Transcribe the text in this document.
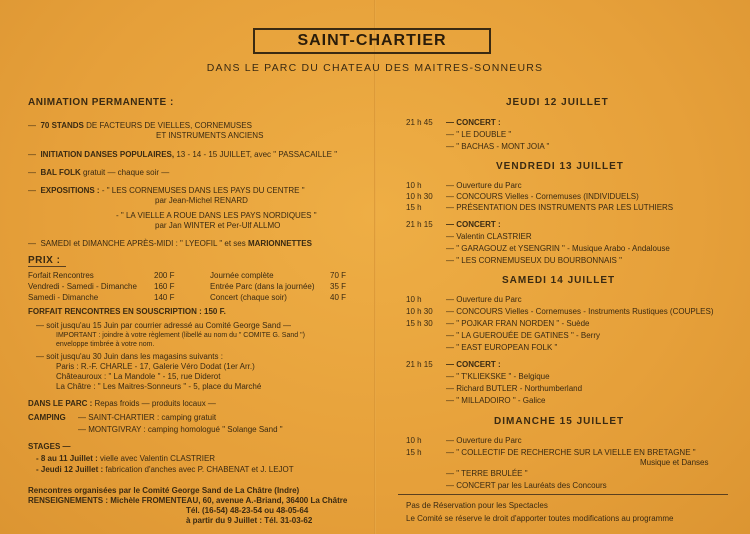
SAINT-CHARTIER
DANS LE PARC DU CHATEAU DES MAITRES-SONNEURS
ANIMATION PERMANENTE :
—  70 STANDS DE FACTEURS DE VIELLES, CORNEMUSES
ET INSTRUMENTS ANCIENS
—  INITIATION DANSES POPULAIRES, 13 - 14 - 15 JUILLET, avec " PASSACAILLE "
—  BAL FOLK gratuit — chaque soir —
—  EXPOSITIONS : - " LES CORNEMUSES DANS LES PAYS DU CENTRE "
par Jean-Michel RENARD
- " LA VIELLE A ROUE DANS LES PAYS NORDIQUES "
par Jan WINTER et Per-Ulf ALLMO
—  SAMEDI et DIMANCHE APRÈS-MIDI : " LYEOFIL " et ses MARIONNETTES
PRIX :
Forfait Rencontres	200 F	Journée complète	70 F
Vendredi - Samedi - Dimanche 160 F	Entrée Parc (dans la journée) 35 F
Samedi - Dimanche	140 F	Concert (chaque soir)	40 F
FORFAIT RENCONTRES EN SOUSCRIPTION : 150 F.
— soit jusqu'au 15 Juin par courrier adressé au Comité George Sand —
IMPORTANT : joindre à votre règlement (libellé au nom du " COMITE G. Sand ")
enveloppe timbrée à votre nom.
— soit jusqu'au 30 Juin dans les magasins suivants :
Paris : R.-F. CHARLE - 17, Galerie Véro Dodat (1er Arr.)
Châteauroux : " La Mandole " - 15, rue Diderot
La Châtre : " Les Maitres-Sonneurs " - 5, place du Marché
DANS LE PARC : Repas froids — produits locaux —
CAMPING — SAINT-CHARTIER : camping gratuit
— MONTGIVRAY : camping homologué " Solange Sand "
STAGES —
- 8 au 11 Juillet : vielle avec Valentin CLASTRIER
- Jeudi 12 Juillet : fabrication d'anches avec P. CHABENAT et J. LEJOT
Rencontres organisées par le Comité George Sand de La Châtre (Indre)
RENSEIGNEMENTS : Michèle FROMENTEAU, 60, avenue A.-Briand, 36400 La Châtre
Tél. (16-54) 48-23-54 ou 48-05-64
à partir du 9 Juillet : Tél. 31-03-62
JEUDI 12 JUILLET
21 h 45 — CONCERT :
— " LE DOUBLE "
— " BACHAS - MONT JOIA "
VENDREDI 13 JUILLET
10 h	— Ouverture du Parc
10 h 30 — CONCOURS Vielles - Cornemuses (INDIVIDUELS)
15 h	— PRÉSENTATION DES INSTRUMENTS PAR LES LUTHIERS
21 h 15 — CONCERT :
— Valentin CLASTRIER
— " GARAGOUZ et YSENGRIN " - Musique Arabo - Andalouse
— " LES CORNEMUSEUX DU BOURBONNAIS "
SAMEDI 14 JUILLET
10 h	— Ouverture du Parc
10 h 30 — CONCOURS Vielles - Cornemuses - Instruments Rustiques (COUPLES)
15 h 30 — " POJKAR FRAN NORDEN " - Suède
— " LA GUEROUÉE DE GATINES " - Berry
— " EAST EUROPEAN FOLK "
21 h 15 — CONCERT :
— " T'KLIEKSKE " - Belgique
— Richard BUTLER - Northumberland
— " MILLADOIRO " - Galice
DIMANCHE 15 JUILLET
10 h	— Ouverture du Parc
15 h	— " COLLECTIF DE RECHERCHE SUR LA VIELLE EN BRETAGNE "
Musique et Danses
— " TERRE BRULÉE "
— CONCERT par les Lauréats des Concours
Pas de Réservation pour les Spectacles
Le Comité se réserve le droit d'apporter toutes modifications au programme
